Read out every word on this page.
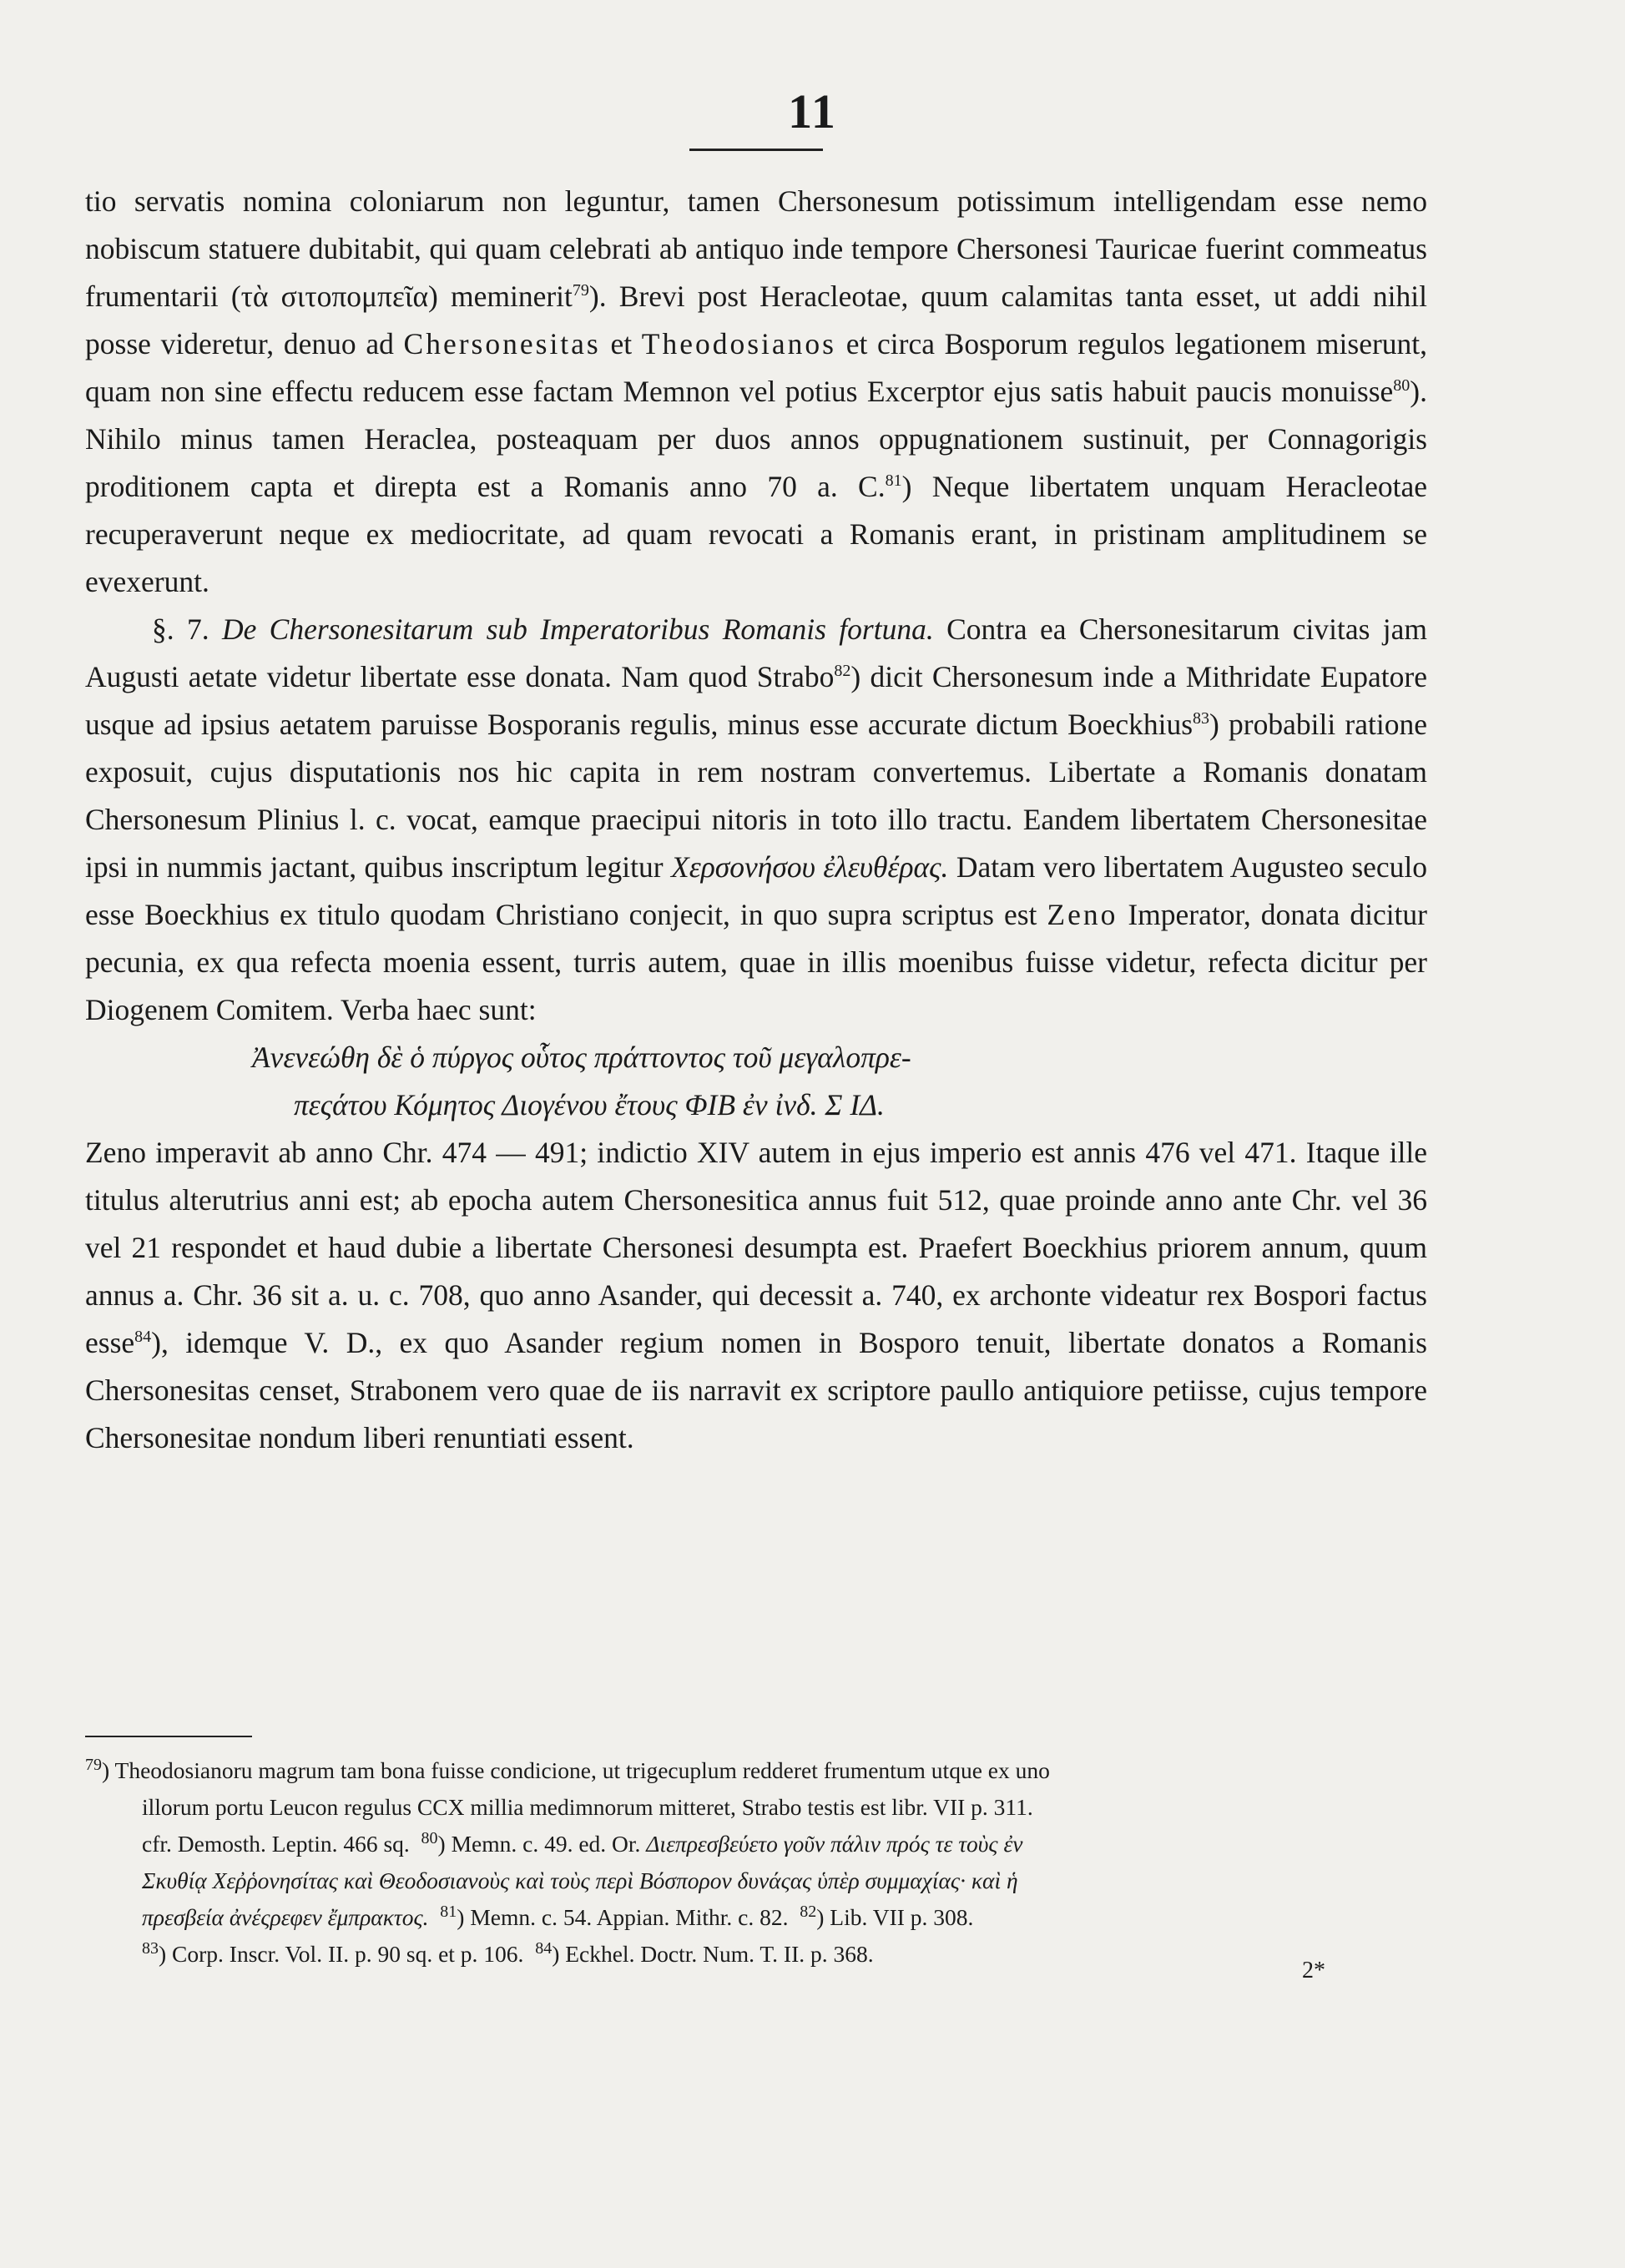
11

tio servatis nomina coloniarum non leguntur, tamen Chersonesum potissimum intelligendam esse nemo nobiscum statuere dubitabit, qui quam celebrati ab antiquo inde tempore Chersonesi Tauricae fuerint commeatus frumentarii (τὰ σιτοπομπεῖα) meminerit$^{79}$). Brevi post Heracleotae, quum calamitas tanta esset, ut addi nihil posse videretur, denuo ad Chersonesitas et Theodosianos et circa Bosporum regulos legationem miserunt, quam non sine effectu reducem esse factam Memnon vel potius Excerptor ejus satis habuit paucis monuisse$^{80}$). Nihilo minus tamen Heraclea, posteaquam per duos annos oppugnationem sustinuit, per Connagorigis proditionem capta et direpta est a Romanis anno 70 a. C.$^{81}$) Neque libertatem unquam Heracleotae recuperaverunt neque ex mediocritate, ad quam revocati a Romanis erant, in pristinam amplitudinem se evexerunt.

§. 7. De Chersonesitarum sub Imperatoribus Romanis fortuna. Contra ea Chersonesitarum civitas jam Augusti aetate videtur libertate esse donata. Nam quod Strabo$^{82}$) dicit Chersonesum inde a Mithridate Eupatore usque ad ipsius aetatem paruisse Bosporanis regulis, minus esse accurate dictum Boeckhius$^{83}$) probabili ratione exposuit, cujus disputationis nos hic capita in rem nostram convertemus. Libertate a Romanis donatam Chersonesum Plinius l. c. vocat, eamque praecipui nitoris in toto illo tractu. Eandem libertatem Chersonesitae ipsi in nummis jactant, quibus inscriptum legitur Χερσονήσου ἐλευθέρας. Datam vero libertatem Augusteo seculo esse Boeckhius ex titulo quodam Christiano conjecit, in quo supra scriptus est Zeno Imperator, donata dicitur pecunia, ex qua refecta moenia essent, turris autem, quae in illis moenibus fuisse videtur, refecta dicitur per Diogenem Comitem. Verba haec sunt:

Ἀνενεώθη δὲ ὁ πύργος οὗτος πράττοντος τοῦ μεγαλοπρε-

πεςάτου Κόμητος Διογένου ἔτους ΦΙΒ ἐν ἰνδ. Σ ΙΔ.

Zeno imperavit ab anno Chr. 474 — 491; indictio XIV autem in ejus imperio est annis 476 vel 471. Itaque ille titulus alterutrius anni est; ab epocha autem Chersonesitica annus fuit 512, quae proinde anno ante Chr. vel 36 vel 21 respondet et haud dubie a libertate Chersonesi desumpta est. Praefert Boeckhius priorem annum, quum annus a. Chr. 36 sit a. u. c. 708, quo anno Asander, qui decessit a. 740, ex archonte videatur rex Bospori factus esse$^{84}$), idemque V. D., ex quo Asander regium nomen in Bosporo tenuit, libertate donatos a Romanis Chersonesitas censet, Strabonem vero quae de iis narravit ex scriptore paullo antiquiore petiisse, cujus tempore Chersonesitae nondum liberi renuntiati essent.

$^{79}$) Theodosianoru magrum tam bona fuisse condicione, ut trigecuplum redderet frumentum utque ex uno

illorum portu Leucon regulus CCX millia medimnorum mitteret, Strabo testis est libr. VII p. 311.

cfr. Demosth. Leptin. 466 sq. $^{80}$) Memn. c. 49. ed. Or. Διεπρεσβεύετο γοῦν πάλιν πρός τε τοὺς ἐν

Σκυθίᾳ Χεῤῥονησίτας καὶ Θεοδοσιανοὺς καὶ τοὺς περὶ Βόσπορον δυνάςας ὑπὲρ συμμαχίας· καὶ ἡ

πρεσβεία ἀνέςρεφεν ἔμπρακτος. $^{81}$) Memn. c. 54. Appian. Mithr. c. 82. $^{82}$) Lib. VII p. 308.

$^{83}$) Corp. Inscr. Vol. II. p. 90 sq. et p. 106. $^{84}$) Eckhel. Doctr. Num. T. II. p. 368.

2*
